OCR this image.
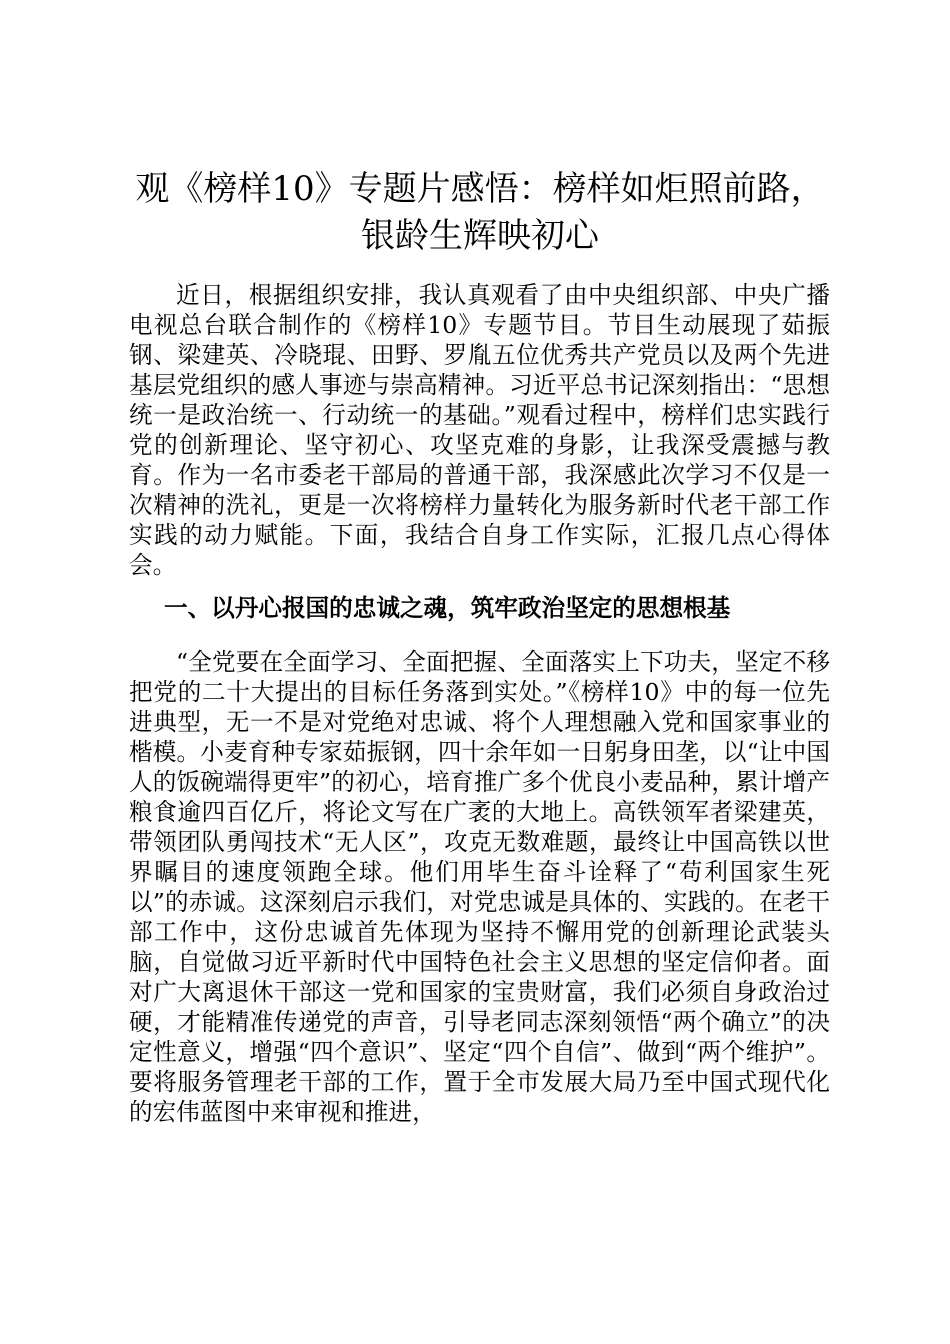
观《榜样10》专题片感悟：榜样如炬照前路，银龄生辉映初心

近日，根据组织安排，我认真观看了由中央组织部、中央广播电视总台联合制作的《榜样10》专题节目。节目生动展现了茹振钢、梁建英、冷晓琨、田野、罗胤五位优秀共产党员以及两个先进基层党组织的感人事迹与崇高精神。习近平总书记深刻指出：“思想统一是政治统一、行动统一的基础。”观看过程中，榜样们忠实践行党的创新理论、坚守初心、攻坚克难的身影，让我深受震撼与教育。作为一名市委老干部局的普通干部，我深感此次学习不仅是一次精神的洗礼，更是一次将榜样力量转化为服务新时代老干部工作实践的动力赋能。下面，我结合自身工作实际，汇报几点心得体会。

一、以丹心报国的忠诚之魂，筑牢政治坚定的思想根基

“全党要在全面学习、全面把握、全面落实上下功夫，坚定不移把党的二十大提出的目标任务落到实处。”《榜样10》中的每一位先进典型，无一不是对党绝对忠诚、将个人理想融入党和国家事业的楷模。小麦育种专家茹振钢，四十余年如一日躬身田垄，以“让中国人的饭碗端得更牢”的初心，培育推广多个优良小麦品种，累计增产粮食逾四百亿斤，将论文写在广袤的大地上。高铁领军者梁建英，带领团队勇闯技术“无人区”，攻克无数难题，最终让中国高铁以世界瞩目的速度领跑全球。他们用毕生奋斗诠释了“苟利国家生死以”的赤诚。这深刻启示我们，对党忠诚是具体的、实践的。在老干部工作中，这份忠诚首先体现为坚持不懈用党的创新理论武装头脑，自觉做习近平新时代中国特色社会主义思想的坚定信仰者。面对广大离退休干部这一党和国家的宝贵财富，我们必须自身政治过硬，才能精准传递党的声音，引导老同志深刻领悟“两个确立”的决定性意义，增强“四个意识”、坚定“四个自信”、做到“两个维护”。要将服务管理老干部的工作，置于全市发展大局乃至中国式现代化的宏伟蓝图中来审视和推进，
